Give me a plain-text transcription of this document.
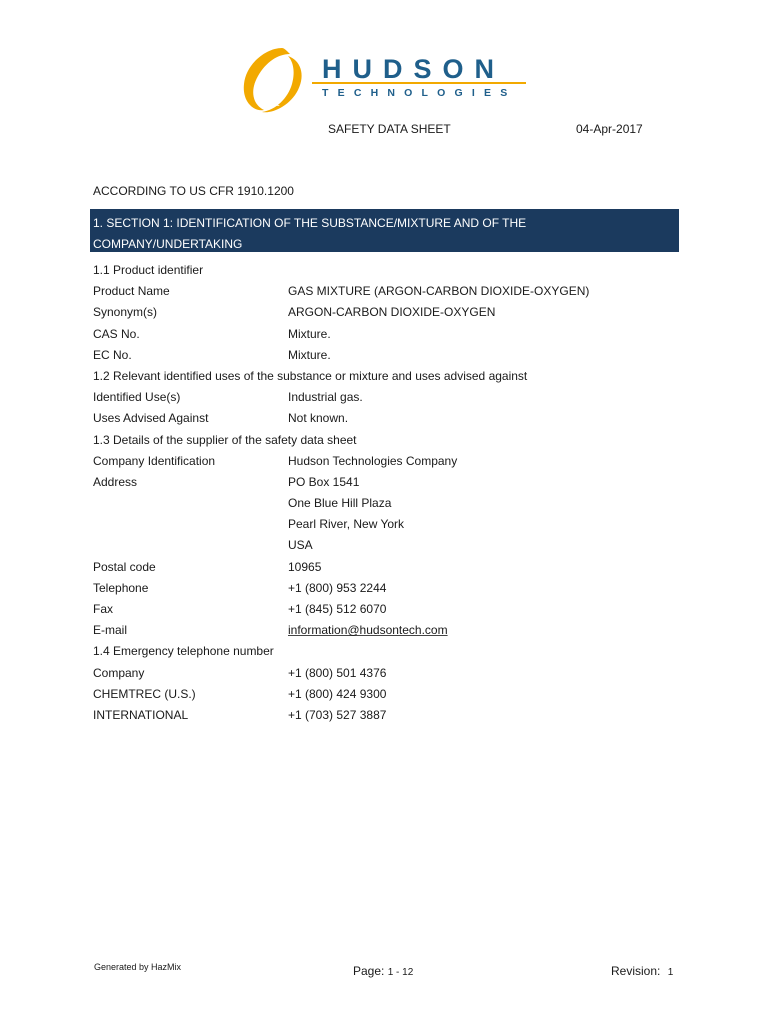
HUDSON
TECHNOLOGIES
SAFETY DATA SHEET	04-Apr-2017
ACCORDING TO US CFR 1910.1200
1. SECTION 1: IDENTIFICATION OF THE SUBSTANCE/MIXTURE AND OF THE
COMPANY/UNDERTAKING
1.1 Product identifier
Product Name	GAS MIXTURE (ARGON-CARBON DIOXIDE-OXYGEN)
Synonym(s)	ARGON-CARBON DIOXIDE-OXYGEN
CAS No.	Mixture.
EC No.	Mixture.
1.2 Relevant identified uses of the substance or mixture and uses advised against
Identified Use(s)	Industrial gas.
Uses Advised Against	Not known.
1.3 Details of the supplier of the safety data sheet
Company Identification	Hudson Technologies Company
Address	PO Box 1541
One Blue Hill Plaza
Pearl River, New York
USA
Postal code	10965
Telephone	+1 (800) 953 2244
Fax	+1 (845) 512 6070
E-mail	information@hudsontech.com
1.4 Emergency telephone number
Company	+1 (800) 501 4376
CHEMTREC (U.S.)	+1 (800) 424 9300
INTERNATIONAL	+1 (703) 527 3887
Generated by HazMix	Page: 1 - 12	Revision: 1
